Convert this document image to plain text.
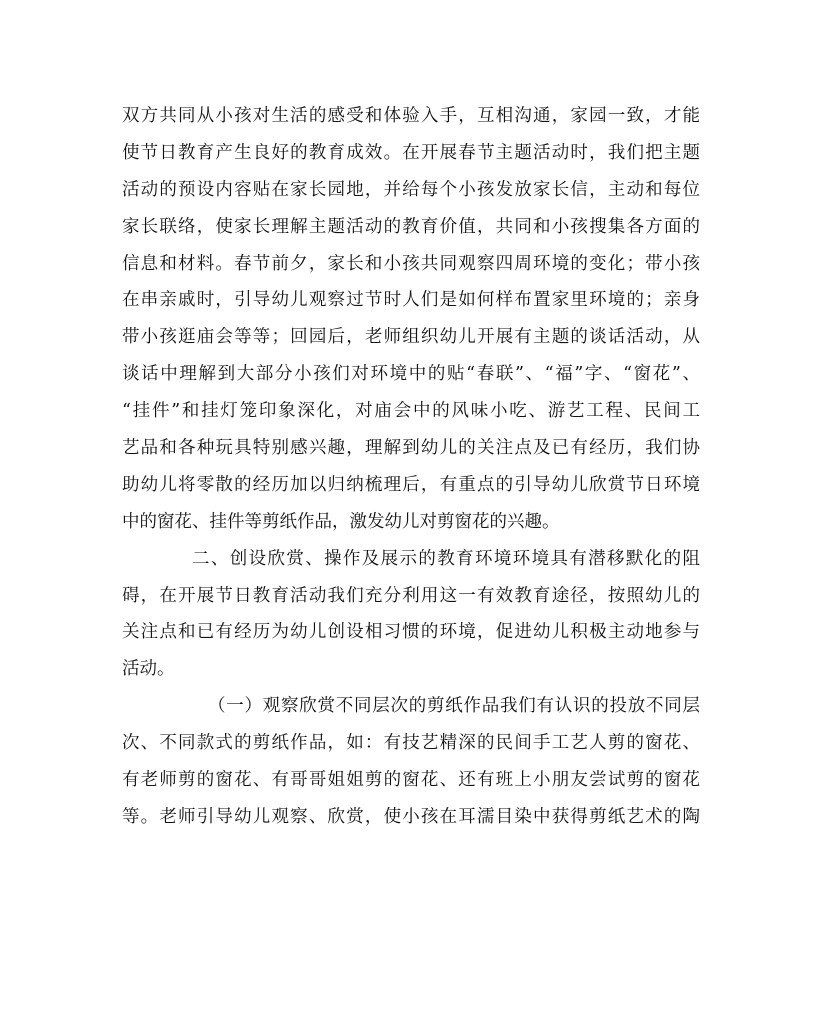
双方共同从小孩对生活的感受和体验入手，互相沟通，家园一致，才能
使节日教育产生良好的教育成效。在开展春节主题活动时，我们把主题
活动的预设内容贴在家长园地，并给每个小孩发放家长信，主动和每位
家长联络，使家长理解主题活动的教育价值，共同和小孩搜集各方面的
信息和材料。春节前夕，家长和小孩共同观察四周环境的变化；带小孩
在串亲戚时，引导幼儿观察过节时人们是如何样布置家里环境的；亲身
带小孩逛庙会等等；回园后，老师组织幼儿开展有主题的谈话活动，从
谈话中理解到大部分小孩们对环境中的贴“春联”、“福”字、“窗花”、
“挂件”和挂灯笼印象深化，对庙会中的风味小吃、游艺工程、民间工
艺品和各种玩具特别感兴趣，理解到幼儿的关注点及已有经历，我们协
助幼儿将零散的经历加以归纳梳理后，有重点的引导幼儿欣赏节日环境
中的窗花、挂件等剪纸作品，激发幼儿对剪窗花的兴趣。
二、创设欣赏、操作及展示的教育环境环境具有潜移默化的阻
碍，在开展节日教育活动我们充分利用这一有效教育途径，按照幼儿的
关注点和已有经历为幼儿创设相习惯的环境，促进幼儿积极主动地参与
活动。
（一）观察欣赏不同层次的剪纸作品我们有认识的投放不同层
次、不同款式的剪纸作品，如：有技艺精深的民间手工艺人剪的窗花、
有老师剪的窗花、有哥哥姐姐剪的窗花、还有班上小朋友尝试剪的窗花
等。老师引导幼儿观察、欣赏，使小孩在耳濡目染中获得剪纸艺术的陶
